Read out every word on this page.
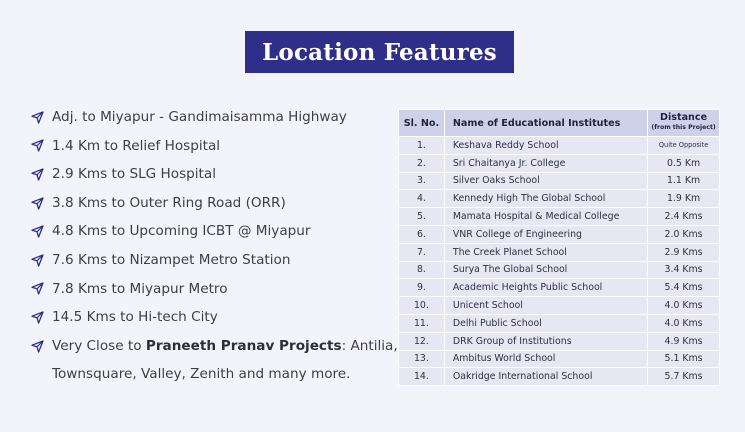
Location Features
Adj. to Miyapur - Gandimaisamma Highway
1.4 Km to Relief Hospital
2.9 Kms to SLG Hospital
3.8 Kms to Outer Ring Road (ORR)
4.8 Kms to Upcoming ICBT @ Miyapur
7.6 Kms to Nizampet Metro Station
7.8 Kms to Miyapur Metro
14.5 Kms to Hi-tech City
Very Close to Praneeth Pranav Projects: Antilia,
Townsquare, Valley, Zenith and many more.
Sl. No.	Name of Educational Institutes	Distance
(from this Project)

1.	Keshava Reddy School	Quite Opposite
2.	Sri Chaitanya Jr. College	0.5 Km
3.	Silver Oaks School	1.1 Km
4.	Kennedy High The Global School	1.9 Km
5.	Mamata Hospital & Medical College	2.4 Kms
6.	VNR College of Engineering	2.0 Kms
7.	The Creek Planet School	2.9 Kms
8.	Surya The Global School	3.4 Kms
9.	Academic Heights Public School	5.4 Kms
10.	Unicent School	4.0 Kms
11.	Delhi Public School	4.0 Kms
12.	DRK Group of Institutions	4.9 Kms
13.	Ambitus World School	5.1 Kms
14.	Oakridge International School	5.7 Kms
